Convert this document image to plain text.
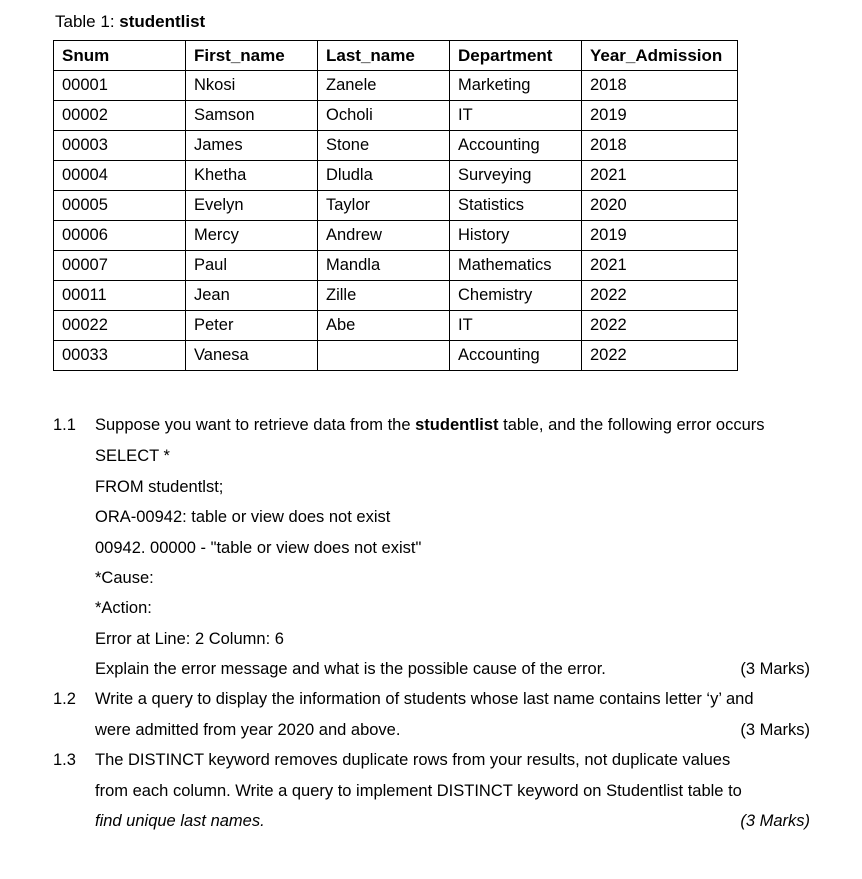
Table 1: studentlist
Snum	First_name	Last_name	Department	Year_Admission
00001	Nkosi	Zanele	Marketing	2018
00002	Samson	Ocholi	IT	2019
00003	James	Stone	Accounting	2018
00004	Khetha	Dludla	Surveying	2021
00005	Evelyn	Taylor	Statistics	2020
00006	Mercy	Andrew	History	2019
00007	Paul	Mandla	Mathematics	2021
00011	Jean	Zille	Chemistry	2022
00022	Peter	Abe	IT	2022
00033	Vanesa		Accounting	2022
1.1 Suppose you want to retrieve data from the studentlist table, and the following error occurs
SELECT *
FROM studentlst;
ORA-00942: table or view does not exist
00942. 00000 - "table or view does not exist"
*Cause:
*Action:
Error at Line: 2 Column: 6
Explain the error message and what is the possible cause of the error.	(3 Marks)
1.2 Write a query to display the information of students whose last name contains letter ‘y’ and
were admitted from year 2020 and above.	(3 Marks)
1.3 The DISTINCT keyword removes duplicate rows from your results, not duplicate values
from each column. Write a query to implement DISTINCT keyword on Studentlist table to
find unique last names.	(3 Marks)
